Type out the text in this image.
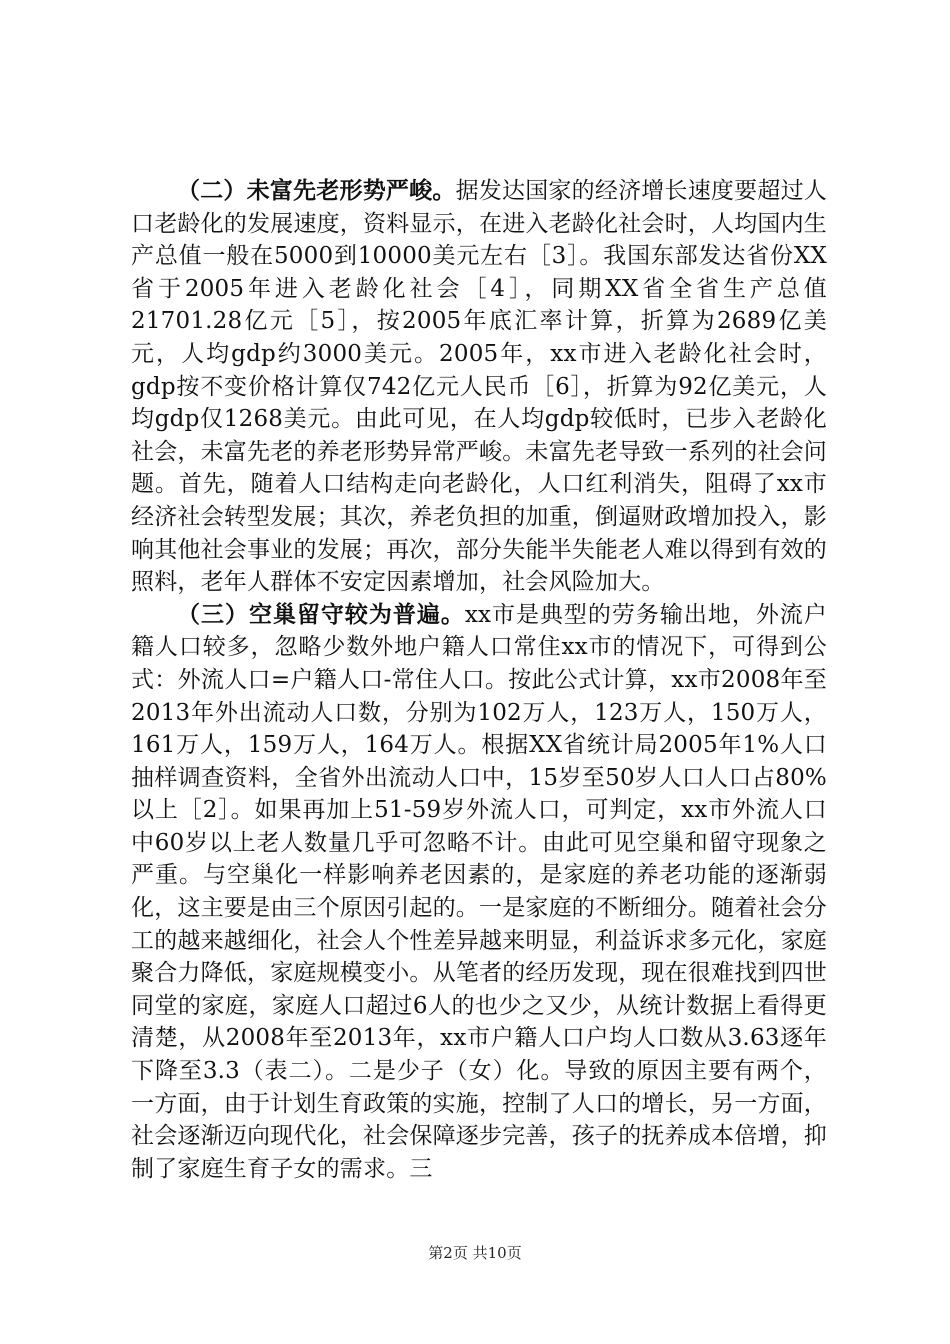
（二）未富先老形势严峻。据发达国家的经济增长速度要超过人口老龄化的发展速度，资料显示，在进入老龄化社会时，人均国内生产总值一般在5000到10000美元左右［3］。我国东部发达省份XX省于2005年进入老龄化社会［4］，同期XX省全省生产总值21701.28亿元［5］，按2005年底汇率计算，折算为2689亿美元，人均gdp约3000美元。2005年，xx市进入老龄化社会时，gdp按不变价格计算仅742亿元人民币［6］，折算为92亿美元，人均gdp仅1268美元。由此可见，在人均gdp较低时，已步入老龄化社会，未富先老的养老形势异常严峻。未富先老导致一系列的社会问题。首先，随着人口结构走向老龄化，人口红利消失，阻碍了xx市经济社会转型发展；其次，养老负担的加重，倒逼财政增加投入，影响其他社会事业的发展；再次，部分失能半失能老人难以得到有效的照料，老年人群体不安定因素增加，社会风险加大。

（三）空巢留守较为普遍。xx市是典型的劳务输出地，外流户籍人口较多，忽略少数外地户籍人口常住xx市的情况下，可得到公式：外流人口=户籍人口-常住人口。按此公式计算，xx市2008年至2013年外出流动人口数，分别为102万人，123万人，150万人，161万人，159万人，164万人。根据XX省统计局2005年1%人口抽样调查资料，全省外出流动人口中，15岁至50岁人口人口占80%以上［2］。如果再加上51-59岁外流人口，可判定，xx市外流人口中60岁以上老人数量几乎可忽略不计。由此可见空巢和留守现象之严重。与空巢化一样影响养老因素的，是家庭的养老功能的逐渐弱化，这主要是由三个原因引起的。一是家庭的不断细分。随着社会分工的越来越细化，社会人个性差异越来明显，利益诉求多元化，家庭聚合力降低，家庭规模变小。从笔者的经历发现，现在很难找到四世同堂的家庭，家庭人口超过6人的也少之又少，从统计数据上看得更清楚，从2008年至2013年，xx市户籍人口户均人口数从3.63逐年下降至3.3（表二）。二是少子（女）化。导致的原因主要有两个，一方面，由于计划生育政策的实施，控制了人口的增长，另一方面，社会逐渐迈向现代化，社会保障逐步完善，孩子的抚养成本倍增，抑制了家庭生育子女的需求。三

第2页 共10页
